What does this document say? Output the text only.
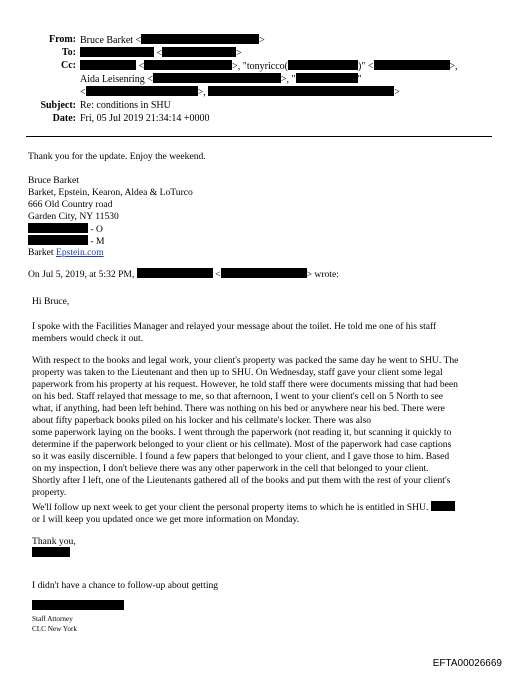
From: Bruce Barket <	>
To:	<	>
Cc:	<	>, "tonyricco(	)" <	>,
Aida Leisenring <	>, "	"
<	>,	>
Subject: Re: conditions in SHU
Date: Fri, 05 Jul 2019 21:34:14 +0000
Thank you for the update. Enjoy the weekend.
Bruce Barket
Barket, Epstein, Kearon, Aldea & LoTurco
666 Old Country road
Garden City, NY 11530
- O
- M
Barket Epstein.com
On Jul 5, 2019, at 5:32 PM,	<	> wrote:
Hi Bruce,
I spoke with the Facilities Manager and relayed your message about the toilet. He told me one of his staff
members would check it out.
With respect to the books and legal work, your client's property was packed the same day he went to SHU. The
property was taken to the Lieutenant and then up to SHU. On Wednesday, staff gave your client some legal
paperwork from his property at his request. However, he told staff there were documents missing that had been
on his bed. Staff relayed that message to me, so that afternoon, I went to your client's cell on 5 North to see
what, if anything, had been left behind. There was nothing on his bed or anywhere near his bed. There were
about fifty paperback books piled on his locker and his cellmate's locker. There was also
some paperwork laying on the books. I went through the paperwork (not reading it, but scanning it quickly to
determine if the paperwork belonged to your client or his cellmate). Most of the paperwork had case captions
so it was easily discernible. I found a few papers that belonged to your client, and I gave those to him. Based
on my inspection, I don't believe there was any other paperwork in the cell that belonged to your client.
Shortly after I left, one of the Lieutenants gathered all of the books and put them with the rest of your client's
property.
We'll follow up next week to get your client the personal property items to which he is entitled in SHU.
or I will keep you updated once we get more information on Monday.
Thank you,
I didn't have a chance to follow-up about getting
Staff Attorney
CLC New York
EFTA00026669
